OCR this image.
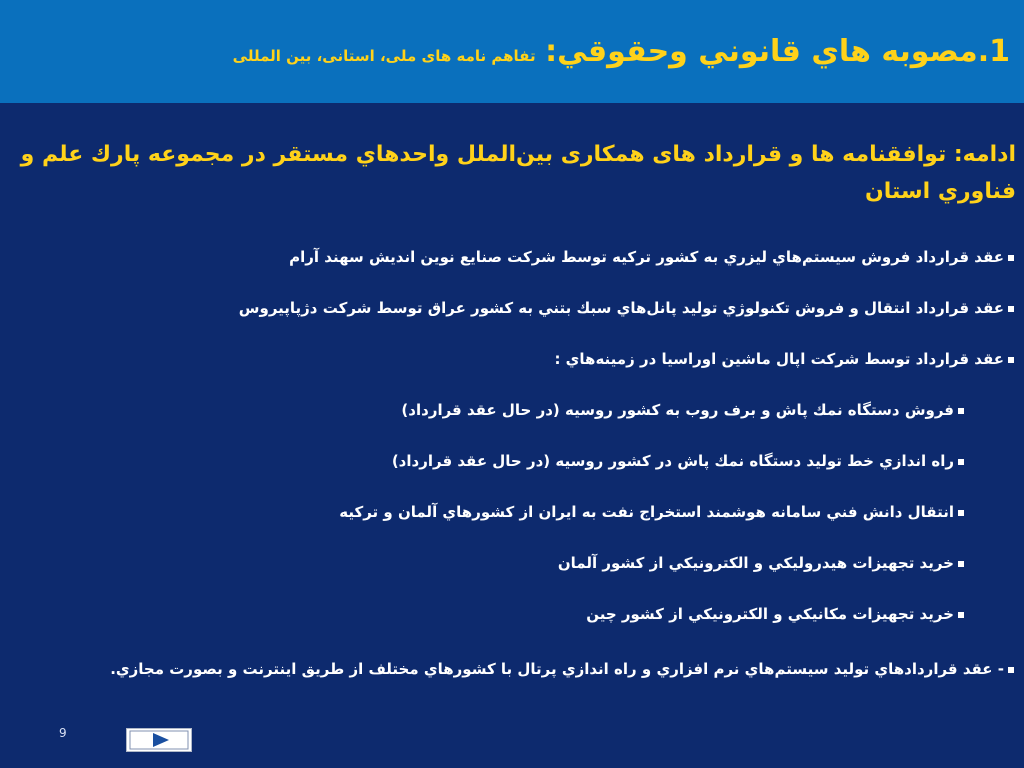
1.مصوبه هاي قانوني وحقوقي: تفاهم نامه های ملی، استانی، بین المللی
ادامه: توافقنامه ها و قرارداد های همکاری بین‌الملل واحدهاي مستقر در مجموعه پارك علم و فناوري استان
عقد قرارداد فروش سيستم‌هاي ليزري به كشور تركيه توسط شركت صنايع نوين انديش سهند آرام
عقد قرارداد انتقال و فروش تكنولوژي توليد پانل‌هاي سبك بتني به كشور عراق توسط شركت دژپاپيروس
عقد قرارداد توسط شركت اپال ماشين اوراسيا در زمينه‌هاي :
فروش دستگاه نمك پاش و برف روب به كشور روسيه (در حال عقد قرارداد)
راه اندازي خط توليد دستگاه نمك پاش در كشور روسيه (در حال عقد قرارداد)
انتقال دانش فني سامانه هوشمند استخراج نفت به ايران از كشورهاي آلمان و تركيه
خريد تجهيزات هيدروليكي و الكترونيكي از كشور آلمان
خريد تجهيزات مكانيكي و الكترونيكي از كشور چين
- عقد قراردادهاي توليد سيستم‌هاي نرم افزاري و راه اندازي پرتال با كشورهاي مختلف از طريق اينترنت و بصورت مجازي.
9
